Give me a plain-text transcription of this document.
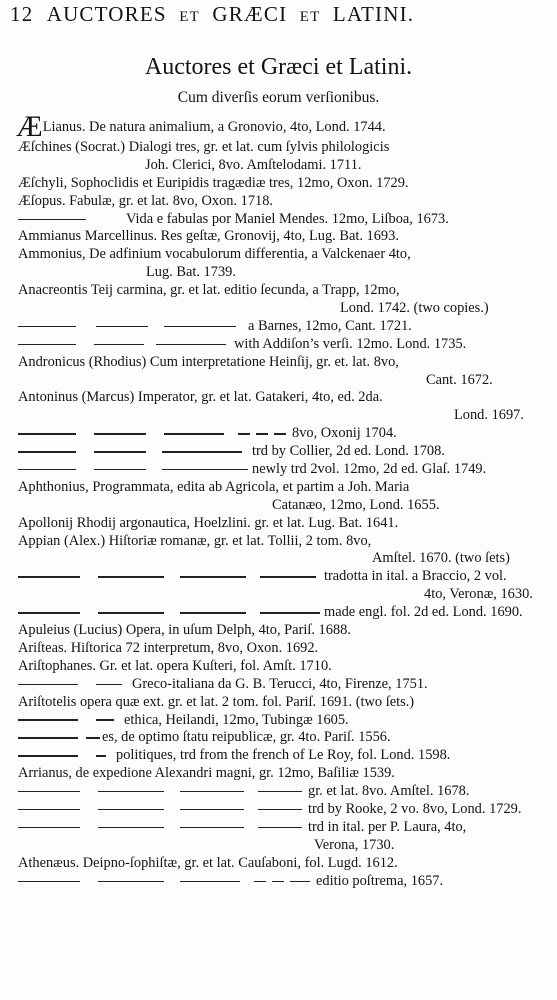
12 AUCTORES ET GRÆCI ET LATINI.
Auctores et Græci et Latini.
Cum diverſis eorum verſionibus.
ÆLianus. De natura animalium, a Gronovio, 4to, Lond. 1744.
Æſchines (Socrat.) Dialogi tres, gr. et lat. cum ſylvis philologicis
Joh. Clerici, 8vo. Amſtelodami. 1711.
Æſchyli, Sophoclidis et Euripidis tragædiæ tres, 12mo, Oxon. 1729.
Æſopus. Fabulæ, gr. et lat. 8vo, Oxon. 1718.
Vida e fabulas por Maniel Mendes. 12mo, Liſboa, 1673.
Ammianus Marcellinus. Res geſtæ, Gronovij, 4to, Lug. Bat. 1693.
Ammonius, De adfinium vocabulorum differentia, a Valckenaer 4to,
Lug. Bat. 1739.
Anacreontis Teij carmina, gr. et lat. editio ſecunda, a Trapp, 12mo,
Lond. 1742. (two copies.)
a Barnes, 12mo, Cant. 1721.
with Addiſon’s verſi. 12mo. Lond. 1735.
Andronicus (Rhodius) Cum interpretatione Heinſij, gr. et. lat. 8vo,
Cant. 1672.
Antoninus (Marcus) Imperator, gr. et lat. Gatakeri, 4to, ed. 2da.
Lond. 1697.
8vo, Oxonij 1704.
trd by Collier, 2d ed. Lond. 1708.
newly trd 2vol. 12mo, 2d ed. Glaſ. 1749.
Aphthonius, Programmata, edita ab Agricola, et partim a Joh. Maria
Catanæo, 12mo, Lond. 1655.
Apollonij Rhodij argonautica, Hoelzlini. gr. et lat. Lug. Bat. 1641.
Appian (Alex.) Hiſtoriæ romanæ, gr. et lat. Tollii, 2 tom. 8vo,
Amſtel. 1670. (two ſets)
tradotta in ital. a Braccio, 2 vol.
4to, Veronæ, 1630.
made engl. fol. 2d ed. Lond. 1690.
Apuleius (Lucius) Opera, in uſum Delph, 4to, Pariſ. 1688.
Ariſteas. Hiſtorica 72 interpretum, 8vo, Oxon. 1692.
Ariſtophanes. Gr. et lat. opera Kuſteri, fol. Amſt. 1710.
Greco-italiana da G. B. Terucci, 4to, Firenze, 1751.
Ariſtotelis opera quæ ext. gr. et lat. 2 tom. fol. Pariſ. 1691. (two ſets.)
ethica, Heilandi, 12mo, Tubingæ 1605.
es, de optimo ſtatu reipublicæ, gr. 4to. Pariſ. 1556.
politiques, trd from the french of Le Roy, fol. Lond. 1598.
Arrianus, de expedione Alexandri magni, gr. 12mo, Baſiliæ 1539.
gr. et lat. 8vo. Amſtel. 1678.
trd by Rooke, 2 vo. 8vo, Lond. 1729.
trd in ital. per P. Laura, 4to,
Verona, 1730.
Athenæus. Deipno-ſophiſtæ, gr. et lat. Cauſaboni, fol. Lugd. 1612.
editio poſtrema, 1657.
